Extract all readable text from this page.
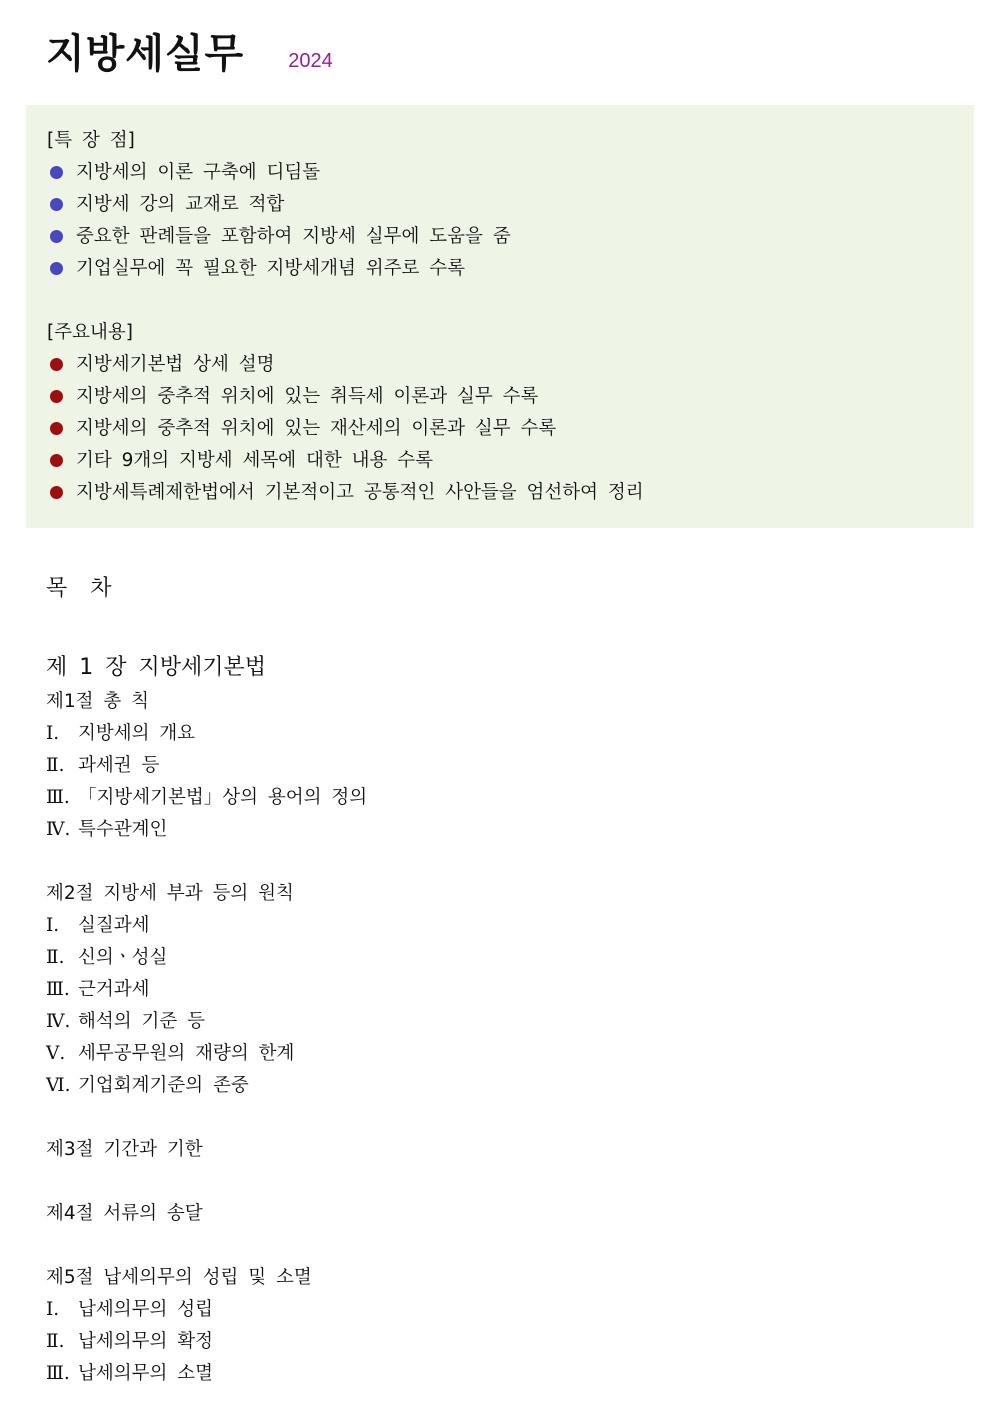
지방세실무 2024
[특 장 점]
지방세의 이론 구축에 디딤돌
지방세 강의 교재로 적합
중요한 판례들을 포함하여 지방세 실무에 도움을 줌
기업실무에 꼭 필요한 지방세개념 위주로 수록
[주요내용]
지방세기본법 상세 설명
지방세의 중추적 위치에 있는 취득세 이론과 실무 수록
지방세의 중추적 위치에 있는 재산세의 이론과 실무 수록
기타 9개의 지방세 세목에 대한 내용 수록
지방세특례제한법에서 기본적이고 공통적인 사안들을 엄선하여 정리
목 차
제 1 장 지방세기본법
제1절 총 칙
Ⅰ. 지방세의 개요
Ⅱ. 과세권 등
Ⅲ. 「지방세기본법」상의 용어의 정의
Ⅳ. 특수관계인
제2절 지방세 부과 등의 원칙
Ⅰ. 실질과세
Ⅱ. 신의ㆍ성실
Ⅲ. 근거과세
Ⅳ. 해석의 기준 등
Ⅴ. 세무공무원의 재량의 한계
Ⅵ. 기업회계기준의 존중
제3절 기간과 기한
제4절 서류의 송달
제5절 납세의무의 성립 및 소멸
Ⅰ. 납세의무의 성립
Ⅱ. 납세의무의 확정
Ⅲ. 납세의무의 소멸
